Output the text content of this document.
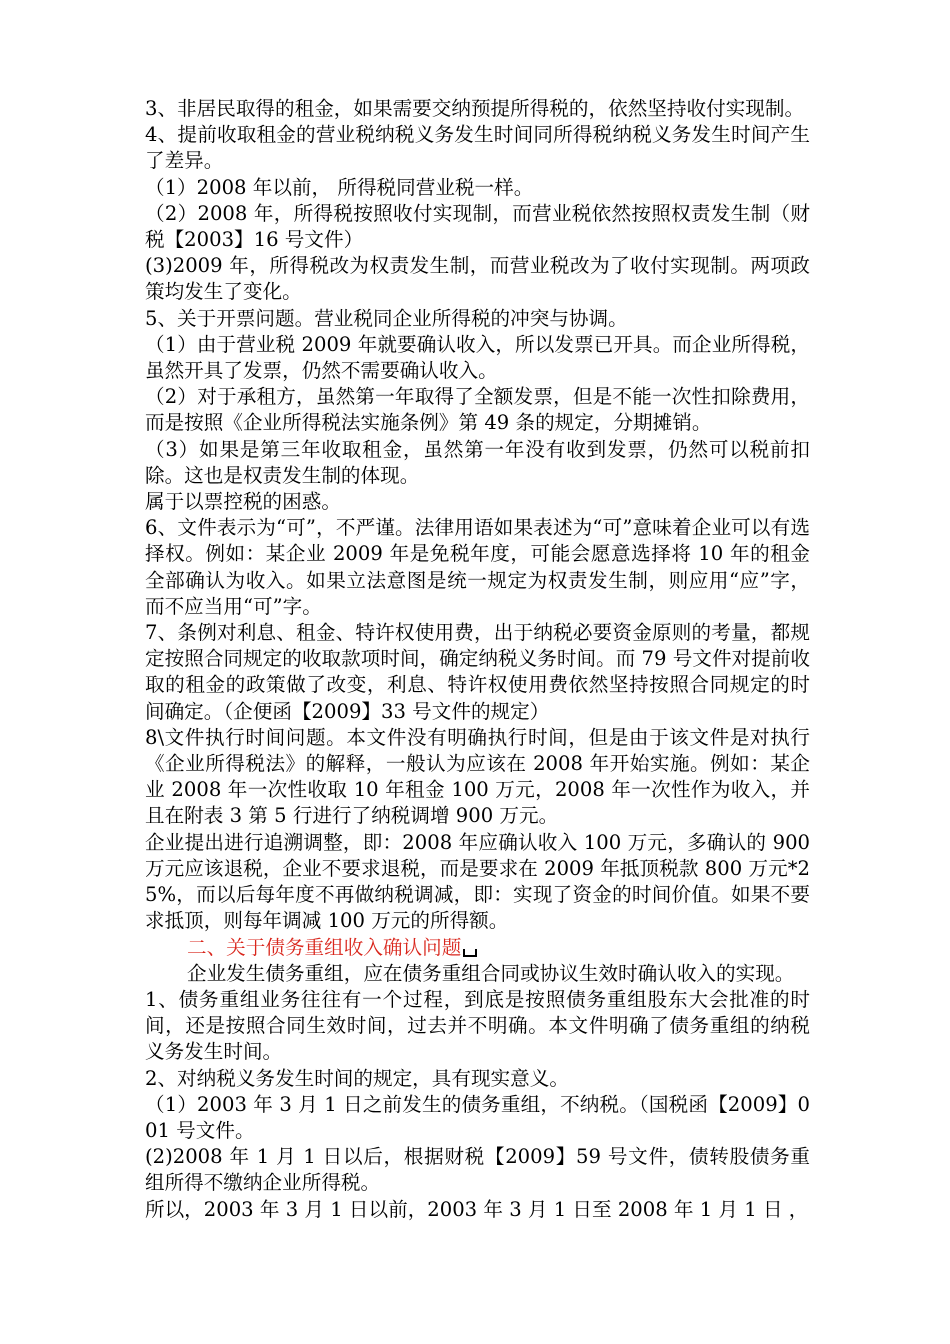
3、非居民取得的租金，如果需要交纳预提所得税的，依然坚持收付实现制。

4、提前收取租金的营业税纳税义务发生时间同所得税纳税义务发生时间产生了差异。

（1）2008 年以前， 所得税同营业税一样。

（2）2008 年，所得税按照收付实现制，而营业税依然按照权责发生制（财税【2003】16 号文件）

(3)2009 年，所得税改为权责发生制，而营业税改为了收付实现制。两项政策均发生了变化。

5、关于开票问题。营业税同企业所得税的冲突与协调。

（1）由于营业税 2009 年就要确认收入，所以发票已开具。而企业所得税，虽然开具了发票，仍然不需要确认收入。

（2）对于承租方，虽然第一年取得了全额发票，但是不能一次性扣除费用，而是按照《企业所得税法实施条例》第 49 条的规定，分期摊销。

（3）如果是第三年收取租金，虽然第一年没有收到发票，仍然可以税前扣除。这也是权责发生制的体现。

属于以票控税的困惑。

6、文件表示为“可”，不严谨。法律用语如果表述为“可”意味着企业可以有选择权。例如：某企业 2009 年是免税年度，可能会愿意选择将 10 年的租金全部确认为收入。如果立法意图是统一规定为权责发生制，则应用“应”字，而不应当用“可”字。

7、条例对利息、租金、特许权使用费，出于纳税必要资金原则的考量，都规定按照合同规定的收取款项时间，确定纳税义务时间。而 79 号文件对提前收取的租金的政策做了改变，利息、特许权使用费依然坚持按照合同规定的时间确定。（企便函【2009】33 号文件的规定）

8\文件执行时间问题。本文件没有明确执行时间，但是由于该文件是对执行《企业所得税法》的解释，一般认为应该在 2008 年开始实施。例如：某企业 2008 年一次性收取 10 年租金 100 万元，2008 年一次性作为收入，并且在附表 3 第 5 行进行了纳税调增 900 万元。

企业提出进行追溯调整，即：2008 年应确认收入 100 万元，多确认的 900 万元应该退税，企业不要求退税，而是要求在 2009 年抵顶税款 800 万元*25%，而以后每年度不再做纳税调减，即：实现了资金的时间价值。如果不要求抵顶，则每年调减 100 万元的所得额。

二、关于债务重组收入确认问题

企业发生债务重组，应在债务重组合同或协议生效时确认收入的实现。

1、债务重组业务往往有一个过程，到底是按照债务重组股东大会批准的时间，还是按照合同生效时间，过去并不明确。本文件明确了债务重组的纳税义务发生时间。

2、对纳税义务发生时间的规定，具有现实意义。

（1）2003 年 3 月 1 日之前发生的债务重组，不纳税。（国税函【2009】001 号文件。

(2)2008 年 1 月 1 日以后，根据财税【2009】59 号文件，债转股债务重组所得不缴纳企业所得税。

所以，2003 年 3 月 1 日以前，2003 年 3 月 1 日至 2008 年 1 月 1 日 ，
